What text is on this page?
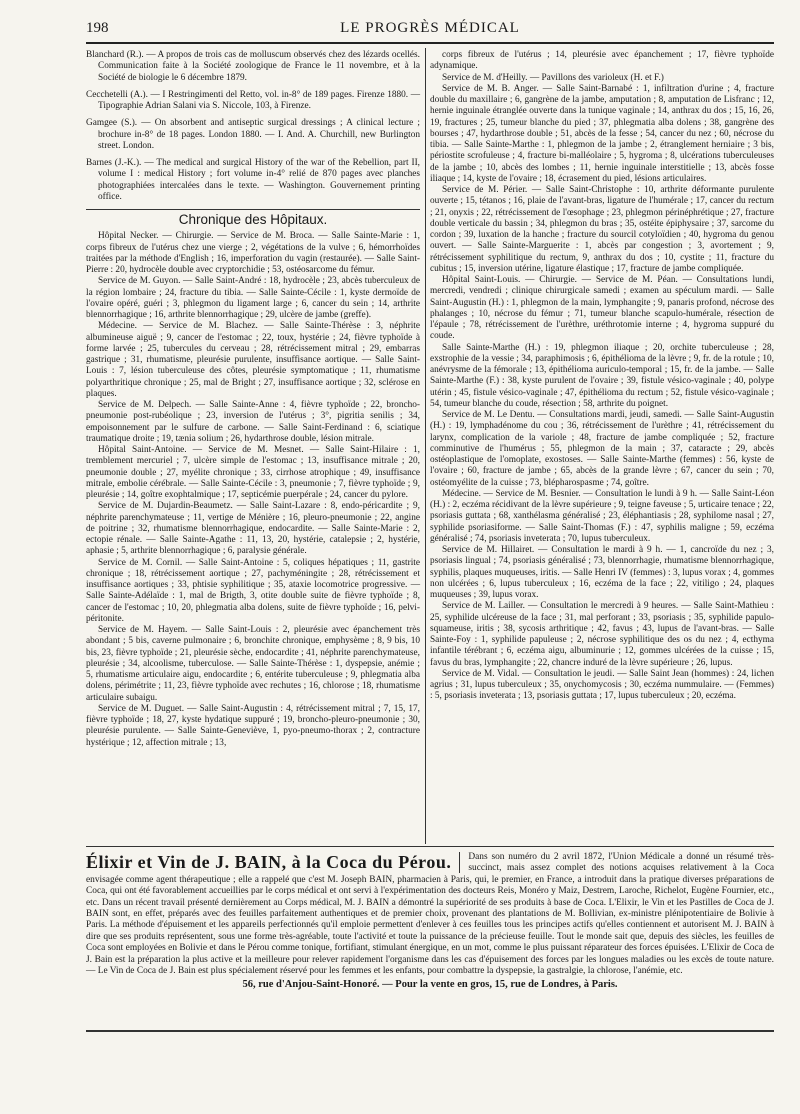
198	LE PROGRÈS MÉDICAL

Blanchard (R.). — A propos de trois cas de molluscum observés chez des lézards ocellés. Communication faite à la Société zoologique de France le 11 novembre, et à la Société de biologie le 6 décembre 1879.

Cecchetelli (A.). — I Restringimenti del Retto, vol. in-8° de 189 pages. Firenze 1880. — Tipographie Adrian Salani via S. Niccole, 103, à Firenze.

Gamgee (S.). — On absorbent and antiseptic surgical dressings ; A clinical lecture ; brochure in-8° de 18 pages. London 1880. — I. And. A. Churchill, new Burlington street. London.

Barnes (J.-K.). — The medical and surgical History of the war of the Rebellion, part II, volume I : medical History ; fort volume in-4° relié de 870 pages avec planches photographiées intercalées dans le texte. — Washington. Gouvernement printing office.

Chronique des Hôpitaux.

Hôpital Necker. — Chirurgie. — Service de M. Broca. — Salle Sainte-Marie : 1, corps fibreux de l'utérus chez une vierge ; 2, végétations de la vulve ; 6, hémorrhoïdes traitées par la méthode d'English ; 16, imperforation du vagin (restaurée). — Salle Saint-Pierre : 20, hydrocèle double avec cryptorchidie ; 53, ostéosarcome du fémur.

Service de M. Guyon. — Salle Saint-André : 18, hydrocèle ; 23, abcès tuberculeux de la région lombaire ; 24, fracture du tibia. — Salle Sainte-Cécile : 1, kyste dermoïde de l'ovaire opéré, guéri ; 3, phlegmon du ligament large ; 6, cancer du sein ; 14, arthrite blennorrhagique ; 16, arthrite blennorrhagique ; 29, ulcère de jambe (greffe).

Médecine. — Service de M. Blachez. — Salle Sainte-Thérèse : 3, néphrite albumineuse aiguë ; 9, cancer de l'estomac ; 22, toux, hystérie ; 24, fièvre typhoïde à forme larvée ; 25, tubercules du cerveau ; 28, rétrécissement mitral ; 29, embarras gastrique ; 31, rhumatisme, pleurésie purulente, insuffisance aortique. — Salle Saint-Louis : 7, lésion tuberculeuse des côtes, pleurésie symptomatique ; 11, rhumatisme polyarthritique chronique ; 25, mal de Bright ; 27, insuffisance aortique ; 32, sclérose en plaques.

Service de M. Delpech. — Salle Sainte-Anne : 4, fièvre typhoïde ; 22, broncho-pneumonie post-rubéolique ; 23, inversion de l'utérus ; 3°, pigritia senilis ; 34, empoisonnement par le sulfure de carbone. — Salle Saint-Ferdinand : 6, sciatique traumatique droite ; 19, tænia solium ; 26, hydarthrose double, lésion mitrale.

Hôpital Saint-Antoine. — Service de M. Mesnet. — Salle Saint-Hilaire : 1, tremblement mercuriel ; 7, ulcère simple de l'estomac ; 13, insuffisance mitrale ; 20, pneumonie double ; 27, myélite chronique ; 33, cirrhose atrophique ; 49, insuffisance mitrale, embolie cérébrale. — Salle Sainte-Cécile : 3, pneumonie ; 7, fièvre typhoïde ; 9, pleurésie ; 14, goître exophtalmique ; 17, septicémie puerpérale ; 24, cancer du pylore.

Service de M. Dujardin-Beaumetz. — Salle Saint-Lazare : 8, endo-péricardite ; 9, néphrite parenchymateuse ; 11, vertige de Ménière ; 16, pleuro-pneumonie ; 22, angine de poitrine ; 32, rhumatisme blennorrhagique, endocardite. — Salle Sainte-Marie : 2, ectopie rénale. — Salle Sainte-Agathe : 11, 13, 20, hystérie, catalepsie ; 2, hystérie, aphasie ; 5, arthrite blennorrhagique ; 6, paralysie générale.

Service de M. Cornil. — Salle Saint-Antoine : 5, coliques hépatiques ; 11, gastrite chronique ; 18, rétrécissement aortique ; 27, pachyméningite ; 28, rétrécissement et insuffisance aortiques ; 33, phtisie syphilitique ; 35, ataxie locomotrice progressive. — Salle Sainte-Adélaïde : 1, mal de Brigth, 3, otite double suite de fièvre typhoïde ; 8, cancer de l'estomac ; 10, 20, phlegmatia alba dolens, suite de fièvre typhoïde ; 16, pelvi-péritonite.

Service de M. Hayem. — Salle Saint-Louis : 2, pleurésie avec épanchement très abondant ; 5 bis, caverne pulmonaire ; 6, bronchite chronique, emphysème ; 8, 9 bis, 10 bis, 23, fièvre typhoïde ; 21, pleurésie sèche, endocardite ; 41, néphrite parenchymateuse, pleurésie ; 34, alcoolisme, tuberculose. — Salle Sainte-Thérèse : 1, dyspepsie, anémie ; 5, rhumatisme articulaire aigu, endocardite ; 6, entérite tuberculeuse ; 9, phlegmatia alba dolens, périmétrite ; 11, 23, fièvre typhoïde avec rechutes ; 16, chlorose ; 18, rhumatisme articulaire subaigu.

Service de M. Duguet. — Salle Saint-Augustin : 4, rétrécissement mitral ; 7, 15, 17, fièvre typhoïde ; 18, 27, kyste hydatique suppuré ; 19, broncho-pleuro-pneumonie ; 30, pleurésie purulente. — Salle Sainte-Geneviève, 1, pyo-pneumo-thorax ; 2, contracture hystérique ; 12, affection mitrale ; 13,

corps fibreux de l'utérus ; 14, pleurésie avec épanchement ; 17, fièvre typhoïde adynamique.

Service de M. d'Heilly. — Pavillons des varioleux (H. et F.)

Service de M. B. Anger. — Salle Saint-Barnabé : 1, infiltration d'urine ; 4, fracture double du maxillaire ; 6, gangrène de la jambe, amputation ; 8, amputation de Lisfranc ; 12, hernie inguinale étranglée ouverte dans la tunique vaginale ; 14, anthrax du dos ; 15, 16, 26, 19, fractures ; 25, tumeur blanche du pied ; 37, phlegmatia alba dolens ; 38, gangrène des bourses ; 47, hydarthrose double ; 51, abcès de la fesse ; 54, cancer du nez ; 60, nécrose du tibia. — Salle Sainte-Marthe : 1, phlegmon de la jambe ; 2, étranglement herniaire ; 3 bis, périostite scrofuleuse ; 4, fracture bi-malléolaire ; 5, hygroma ; 8, ulcérations tuberculeuses de la jambe ; 10, abcès des lombes ; 11, hernie inguinale interstitielle ; 13, abcès fosse iliaque ; 14, kyste de l'ovaire ; 18, écrasement du pied, lésions articulaires.

Service de M. Périer. — Salle Saint-Christophe : 10, arthrite déformante purulente ouverte ; 15, tétanos ; 16, plaie de l'avant-bras, ligature de l'humérale ; 17, cancer du rectum ; 21, onyxis ; 22, rétrécissement de l'œsophage ; 23, phlegmon périnéphrétique ; 27, fracture double verticale du bassin ; 34, phlegmon du bras ; 35, ostéite épiphysaire ; 37, sarcome du cordon ; 39, luxation de la hanche ; fracture du sourcil cotyloïdien ; 40, hygroma du genou ouvert. — Salle Sainte-Marguerite : 1, abcès par congestion ; 3, avortement ; 9, rétrécissement syphilitique du rectum, 9, anthrax du dos ; 10, cystite ; 11, fracture du cubitus ; 15, inversion utérine, ligature élastique ; 17, fracture de jambe compliquée.

Hôpital Saint-Louis. — Chirurgie. — Service de M. Péan. — Consultations lundi, mercredi, vendredi ; clinique chirurgicale samedi ; examen au spéculum mardi. — Salle Saint-Augustin (H.) : 1, phlegmon de la main, lymphangite ; 9, panaris profond, nécrose des phalanges ; 10, nécrose du fémur ; 71, tumeur blanche scapulo-humérale, résection de l'épaule ; 78, rétrécissement de l'urèthre, uréthrotomie interne ; 4, hygroma suppuré du coude.

Salle Sainte-Marthe (H.) : 19, phlegmon iliaque ; 20, orchite tuberculeuse ; 28, exstrophie de la vessie ; 34, paraphimosis ; 6, épithélioma de la lèvre ; 9, fr. de la rotule ; 10, anévrysme de la fémorale ; 13, épithélioma auriculo-temporal ; 15, fr. de la jambe. — Salle Sainte-Marthe (F.) : 38, kyste purulent de l'ovaire ; 39, fistule vésico-vaginale ; 40, polype utérin ; 45, fistule vésico-vaginale ; 47, épithélioma du rectum ; 52, fistule vésico-vaginale ; 54, tumeur blanche du coude, résection ; 58, arthrite du poignet.

Service de M. Le Dentu. — Consultations mardi, jeudi, samedi. — Salle Saint-Augustin (H.) : 19, lymphadénome du cou ; 36, rétrécissement de l'urèthre ; 41, rétrécissement du larynx, complication de la variole ; 48, fracture de jambe compliquée ; 52, fracture comminutive de l'humérus ; 55, phlegmon de la main ; 37, cataracte ; 29, abcès ostéoplastique de l'omoplate, exostoses. — Salle Sainte-Marthe (femmes) : 56, kyste de l'ovaire ; 60, fracture de jambe ; 65, abcès de la grande lèvre ; 67, cancer du sein ; 70, ostéomyélite de la cuisse ; 73, blépharospasme ; 74, goître.

Médecine. — Service de M. Besnier. — Consultation le lundi à 9 h. — Salle Saint-Léon (H.) : 2, eczéma récidivant de la lèvre supérieure ; 9, teigne faveuse ; 5, urticaire tenace ; 22, psoriasis guttata ; 68, xanthélasma généralisé ; 23, éléphantiasis ; 28, syphilome nasal ; 27, syphilide psoriasiforme. — Salle Saint-Thomas (F.) : 47, syphilis maligne ; 59, eczéma généralisé ; 74, psoriasis inveterata ; 70, lupus tuberculeux.

Service de M. Hillairet. — Consultation le mardi à 9 h. — 1, cancroïde du nez ; 3, psoriasis lingual ; 74, psoriasis généralisé ; 73, blennorrhagie, rhumatisme blennorrhagique, syphilis, plaques muqueuses, iritis. — Salle Henri IV (femmes) : 3, lupus vorax ; 4, gommes non ulcérées ; 6, lupus tuberculeux ; 16, eczéma de la face ; 22, vitiligo ; 24, plaques muqueuses ; 39, lupus vorax.

Service de M. Lailler. — Consultation le mercredi à 9 heures. — Salle Saint-Mathieu : 25, syphilide ulcéreuse de la face ; 31, mal perforant ; 33, psoriasis ; 35, syphilide papulo-squameuse, iritis ; 38, sycosis arthritique ; 42, favus ; 43, lupus de l'avant-bras. — Salle Sainte-Foy : 1, syphilide papuleuse ; 2, nécrose syphilitique des os du nez ; 4, ecthyma infantile térébrant ; 6, eczéma aigu, albuminurie ; 12, gommes ulcérées de la cuisse ; 15, favus du bras, lymphangite ; 22, chancre induré de la lèvre supérieure ; 26, lupus.

Service de M. Vidal. — Consultation le jeudi. — Salle Saint Jean (hommes) : 24, lichen agrius ; 31, lupus tuberculeux ; 35, onychomycosis ; 30, eczéma nummulaire. — (Femmes) : 5, psoriasis inveterata ; 13, psoriasis guttata ; 17, lupus tuberculeux ; 20, eczéma.

Élixir et Vin de J. BAIN, à la Coca du Pérou.	Dans son numéro du 2 avril 1872, l'Union Médicale a donné un résumé très-succinct, mais assez complet des notions acquises relativement à la Coca envisagée comme agent thérapeutique ; elle a rappelé que c'est M. Joseph BAIN, pharmacien à Paris, qui, le premier, en France, a introduit dans la pratique diverses préparations de Coca, qui ont été favorablement accueillies par le corps médical et ont servi à l'expérimentation des docteurs Reis, Monéro y Maiz, Destrem, Laroche, Richelot, Eugène Fournier, etc., etc. Dans un récent travail présenté dernièrement au Corps médical, M. J. BAIN a démontré la supériorité de ses produits à base de Coca. L'Elixir, le Vin et les Pastilles de Coca de J. BAIN sont, en effet, préparés avec des feuilles parfaitement authentiques et de premier choix, provenant des plantations de M. Bollivian, ex-ministre plénipotentiaire de Bolivie à Paris. La méthode d'épuisement et les appareils perfectionnés qu'il emploie permettent d'enlever à ces feuilles tous les principes actifs qu'elles contiennent et autorisent M. J. BAIN à dire que ses produits représentent, sous une forme très-agréable, toute l'activité et toute la puissance de la précieuse feuille. Tout le monde sait que, depuis des siècles, les feuilles de Coca sont employées en Bolivie et dans le Pérou comme tonique, fortifiant, stimulant énergique, en un mot, comme le plus puissant réparateur des forces épuisées. L'Elixir de Coca de J. Bain est la préparation la plus active et la meilleure pour relever rapidement l'organisme dans les cas d'épuisement des forces par les longues maladies ou les excès de toute nature. — Le Vin de Coca de J. Bain est plus spécialement réservé pour les femmes et les enfants, pour combattre la dyspepsie, la gastralgie, la chlorose, l'anémie, etc.
56, rue d'Anjou-Saint-Honoré. — Pour la vente en gros, 15, rue de Londres, à Paris.
